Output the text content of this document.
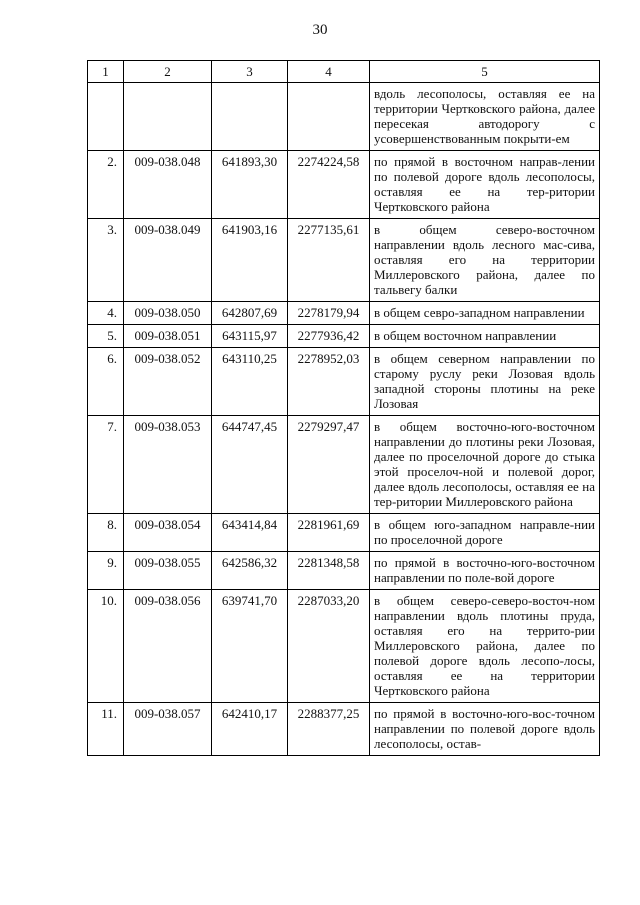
30
1	2	3	4	5
				вдоль лесополосы, оставляя ее на территории Чертковского района, далее пересекая автодорогу с усовершенствованным покрыти-ем
2.	009-038.048	641893,30	2274224,58	по прямой в восточном направ-лении по полевой дороге вдоль лесополосы, оставляя ее на тер-ритории Чертковского района
3.	009-038.049	641903,16	2277135,61	в общем северо-восточном направлении вдоль лесного мас-сива, оставляя его на территории Миллеровского района, далее по тальвегу балки
4.	009-038.050	642807,69	2278179,94	в общем севро-западном направлении
5.	009-038.051	643115,97	2277936,42	в общем восточном направлении
6.	009-038.052	643110,25	2278952,03	в общем северном направлении по старому руслу реки Лозовая вдоль западной стороны плотины на реке Лозовая
7.	009-038.053	644747,45	2279297,47	в общем восточно-юго-восточном направлении до плотины реки Лозовая, далее по проселочной дороге до стыка этой проселоч-ной и полевой дорог, далее вдоль лесополосы, оставляя ее на тер-ритории Миллеровского района
8.	009-038.054	643414,84	2281961,69	в общем юго-западном направле-нии по проселочной дороге
9.	009-038.055	642586,32	2281348,58	по прямой в восточно-юго-восточном направлении по поле-вой дороге
10.	009-038.056	639741,70	2287033,20	в общем северо-северо-восточ-ном направлении вдоль плотины пруда, оставляя его на террито-рии Миллеровского района, далее по полевой дороге вдоль лесопо-лосы, оставляя ее на территории Чертковского района
11.	009-038.057	642410,17	2288377,25	по прямой в восточно-юго-вос-точном направлении по полевой дороге вдоль лесополосы, остав-
